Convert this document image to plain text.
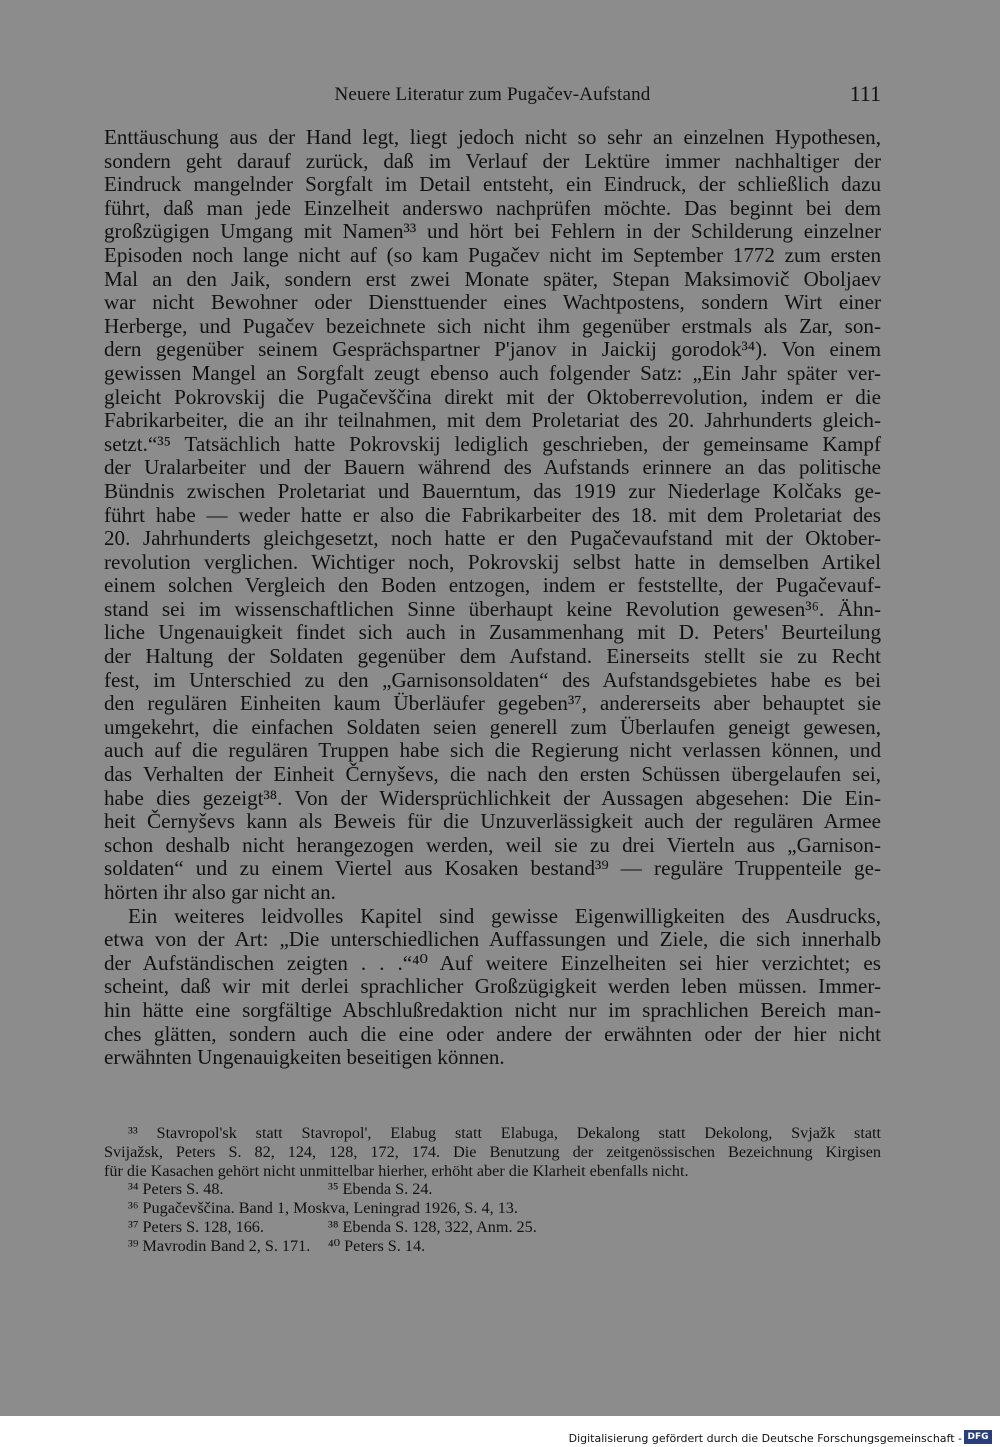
Neuere Literatur zum Pugačev-Aufstand	111
Enttäuschung aus der Hand legt, liegt jedoch nicht so sehr an einzelnen Hypothesen,
sondern geht darauf zurück, daß im Verlauf der Lektüre immer nachhaltiger der
Eindruck mangelnder Sorgfalt im Detail entsteht, ein Eindruck, der schließlich dazu
führt, daß man jede Einzelheit anderswo nachprüfen möchte. Das beginnt bei dem
großzügigen Umgang mit Namen³³ und hört bei Fehlern in der Schilderung einzelner
Episoden noch lange nicht auf (so kam Pugačev nicht im September 1772 zum ersten
Mal an den Jaik, sondern erst zwei Monate später, Stepan Maksimovič Oboljaev
war nicht Bewohner oder Diensttuender eines Wachtpostens, sondern Wirt einer
Herberge, und Pugačev bezeichnete sich nicht ihm gegenüber erstmals als Zar, son-
dern gegenüber seinem Gesprächspartner P'janov in Jaickij gorodok³⁴). Von einem
gewissen Mangel an Sorgfalt zeugt ebenso auch folgender Satz: „Ein Jahr später ver-
gleicht Pokrovskij die Pugačevščina direkt mit der Oktoberrevolution, indem er die
Fabrikarbeiter, die an ihr teilnahmen, mit dem Proletariat des 20. Jahrhunderts gleich-
setzt.“³⁵ Tatsächlich hatte Pokrovskij lediglich geschrieben, der gemeinsame Kampf
der Uralarbeiter und der Bauern während des Aufstands erinnere an das politische
Bündnis zwischen Proletariat und Bauerntum, das 1919 zur Niederlage Kolčaks ge-
führt habe — weder hatte er also die Fabrikarbeiter des 18. mit dem Proletariat des
20. Jahrhunderts gleichgesetzt, noch hatte er den Pugačevaufstand mit der Oktober-
revolution verglichen. Wichtiger noch, Pokrovskij selbst hatte in demselben Artikel
einem solchen Vergleich den Boden entzogen, indem er feststellte, der Pugačevauf-
stand sei im wissenschaftlichen Sinne überhaupt keine Revolution gewesen³⁶. Ähn-
liche Ungenauigkeit findet sich auch in Zusammenhang mit D. Peters' Beurteilung
der Haltung der Soldaten gegenüber dem Aufstand. Einerseits stellt sie zu Recht
fest, im Unterschied zu den „Garnisonsoldaten“ des Aufstandsgebietes habe es bei
den regulären Einheiten kaum Überläufer gegeben³⁷, andererseits aber behauptet sie
umgekehrt, die einfachen Soldaten seien generell zum Überlaufen geneigt gewesen,
auch auf die regulären Truppen habe sich die Regierung nicht verlassen können, und
das Verhalten der Einheit Černyševs, die nach den ersten Schüssen übergelaufen sei,
habe dies gezeigt³⁸. Von der Widersprüchlichkeit der Aussagen abgesehen: Die Ein-
heit Černyševs kann als Beweis für die Unzuverlässigkeit auch der regulären Armee
schon deshalb nicht herangezogen werden, weil sie zu drei Vierteln aus „Garnison-
soldaten“ und zu einem Viertel aus Kosaken bestand³⁹ — reguläre Truppenteile ge-
hörten ihr also gar nicht an.
Ein weiteres leidvolles Kapitel sind gewisse Eigenwilligkeiten des Ausdrucks,
etwa von der Art: „Die unterschiedlichen Auffassungen und Ziele, die sich innerhalb
der Aufständischen zeigten . . .“⁴⁰ Auf weitere Einzelheiten sei hier verzichtet; es
scheint, daß wir mit derlei sprachlicher Großzügigkeit werden leben müssen. Immer-
hin hätte eine sorgfältige Abschlußredaktion nicht nur im sprachlichen Bereich man-
ches glätten, sondern auch die eine oder andere der erwähnten oder der hier nicht
erwähnten Ungenauigkeiten beseitigen können.
³³ Stavropol'sk statt Stavropol', Elabug statt Elabuga, Dekalong statt Dekolong, Svjažk statt
Svijažsk, Peters S. 82, 124, 128, 172, 174. Die Benutzung der zeitgenössischen Bezeichnung Kirgisen
für die Kasachen gehört nicht unmittelbar hierher, erhöht aber die Klarheit ebenfalls nicht.
³⁴ Peters S. 48.	³⁵ Ebenda S. 24.
³⁶ Pugačevščina. Band 1, Moskva, Leningrad 1926, S. 4, 13.
³⁷ Peters S. 128, 166.	³⁸ Ebenda S. 128, 322, Anm. 25.
³⁹ Mavrodin Band 2, S. 171.	⁴⁰ Peters S. 14.
Digitalisierung gefördert durch die Deutsche Forschungsgemeinschaft - DFG
